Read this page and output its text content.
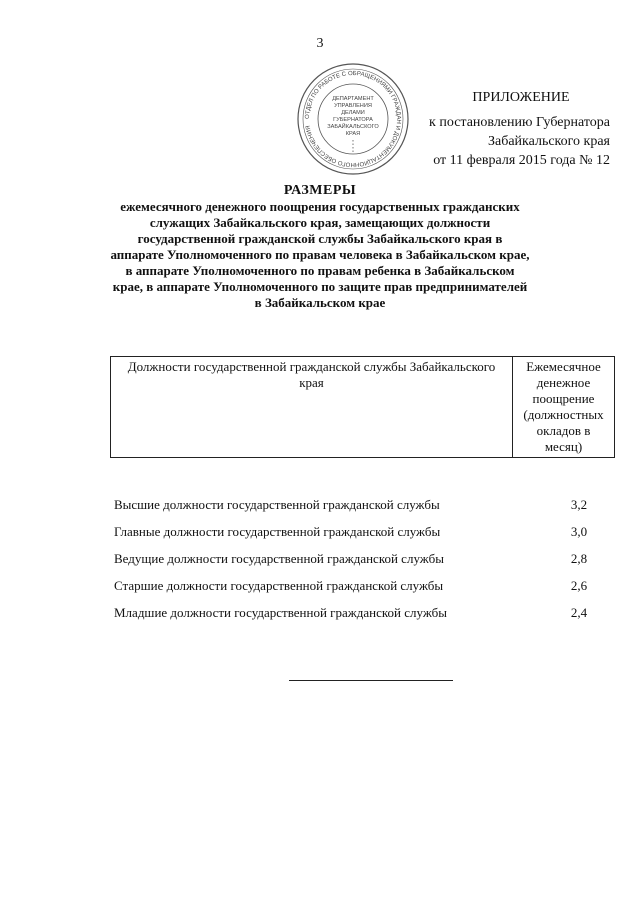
3
ОТДЕЛ ПО РАБОТЕ С ОБРАЩЕНИЯМИ ГРАЖДАН И ДОКУМЕНТАЦИОННОГО ОБЕСПЕЧЕНИЯ
ДЕПАРТАМЕНТ
УПРАВЛЕНИЯ
ДЕЛАМИ
ГУБЕРНАТОРА
ЗАБАЙКАЛЬСКОГО
КРАЯ
ПРИЛОЖЕНИЕ
к постановлению Губернатора
Забайкальского края
от 11 февраля 2015 года № 12
РАЗМЕРЫ
ежемесячного денежного поощрения государственных гражданских служащих Забайкальского края, замещающих должности государственной гражданской службы Забайкальского края в аппарате Уполномоченного по правам человека в Забайкальском крае, в аппарате Уполномоченного по правам ребенка в Забайкальском крае, в аппарате Уполномоченного по защите прав предпринимателей в Забайкальском крае
Должности государственной гражданской службы Забайкальского края	Ежемесячное денежное поощрение (должностных окладов в месяц)
Высшие должности государственной гражданской службы	3,2
Главные должности государственной гражданской службы	3,0
Ведущие должности государственной гражданской службы	2,8
Старшие должности государственной гражданской службы	2,6
Младшие должности государственной гражданской службы	2,4
